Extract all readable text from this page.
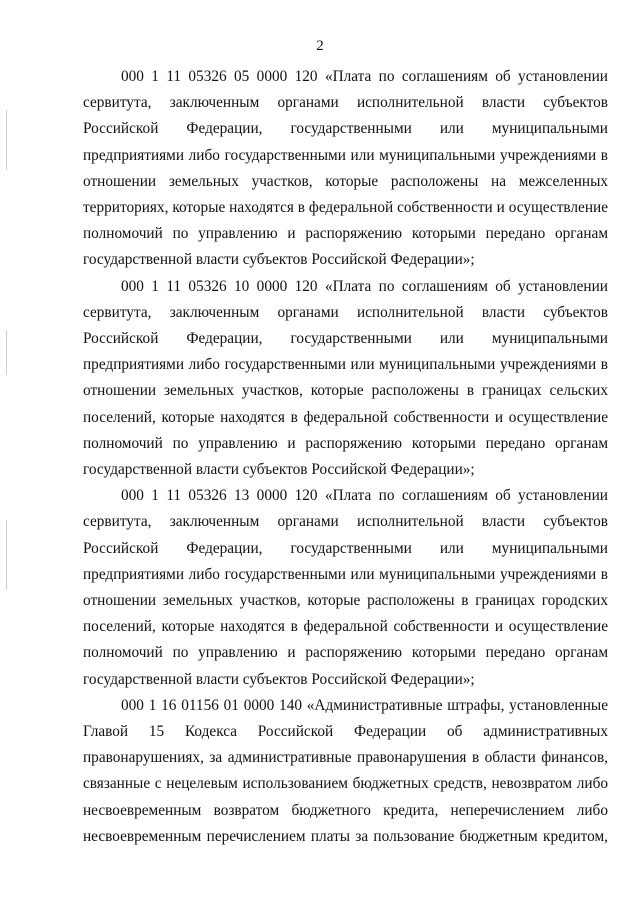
2

000 1 11 05326 05 0000 120 «Плата по соглашениям об установлении сервитута, заключенным органами исполнительной власти субъектов Российской Федерации, государственными или муниципальными предприятиями либо государственными или муниципальными учреждениями в отношении земельных участков, которые расположены на межселенных территориях, которые находятся в федеральной собственности и осуществление полномочий по управлению и распоряжению которыми передано органам государственной власти субъектов Российской Федерации»;

000 1 11 05326 10 0000 120 «Плата по соглашениям об установлении сервитута, заключенным органами исполнительной власти субъектов Российской Федерации, государственными или муниципальными предприятиями либо государственными или муниципальными учреждениями в отношении земельных участков, которые расположены в границах сельских поселений, которые находятся в федеральной собственности и осуществление полномочий по управлению и распоряжению которыми передано органам государственной власти субъектов Российской Федерации»;

000 1 11 05326 13 0000 120 «Плата по соглашениям об установлении сервитута, заключенным органами исполнительной власти субъектов Российской Федерации, государственными или муниципальными предприятиями либо государственными или муниципальными учреждениями в отношении земельных участков, которые расположены в границах городских поселений, которые находятся в федеральной собственности и осуществление полномочий по управлению и распоряжению которыми передано органам государственной власти субъектов Российской Федерации»;

000 1 16 01156 01 0000 140 «Административные штрафы, установленные Главой 15 Кодекса Российской Федерации об административных правонарушениях, за административные правонарушения в области финансов, связанные с нецелевым использованием бюджетных средств, невозвратом либо несвоевременным возвратом бюджетного кредита, неперечислением либо несвоевременным перечислением платы за пользование бюджетным кредитом,
